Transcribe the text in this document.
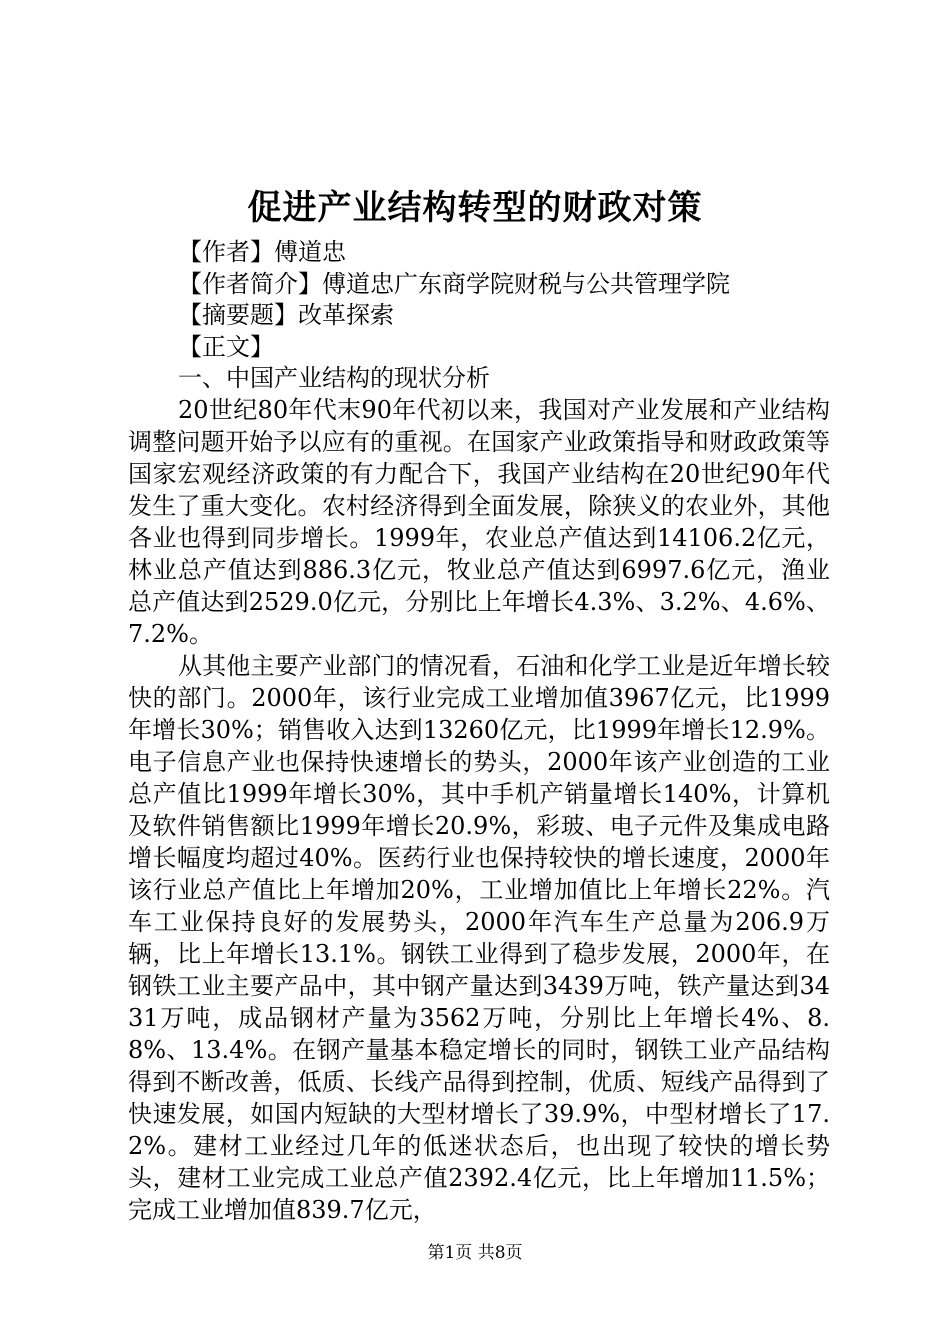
促进产业结构转型的财政对策
【作者】傅道忠
【作者简介】傅道忠广东商学院财税与公共管理学院
【摘要题】改革探索
【正文】
一、中国产业结构的现状分析

20世纪80年代末90年代初以来，我国对产业发展和产业结构调整问题开始予以应有的重视。在国家产业政策指导和财政政策等国家宏观经济政策的有力配合下，我国产业结构在20世纪90年代发生了重大变化。农村经济得到全面发展，除狭义的农业外，其他各业也得到同步增长。1999年，农业总产值达到14106.2亿元，林业总产值达到886.3亿元，牧业总产值达到6997.6亿元，渔业总产值达到2529.0亿元，分别比上年增长4.3%、3.2%、4.6%、7.2%。

从其他主要产业部门的情况看，石油和化学工业是近年增长较快的部门。2000年，该行业完成工业增加值3967亿元，比1999年增长30%；销售收入达到13260亿元，比1999年增长12.9%。电子信息产业也保持快速增长的势头，2000年该产业创造的工业总产值比1999年增长30%，其中手机产销量增长140%，计算机及软件销售额比1999年增长20.9%，彩玻、电子元件及集成电路增长幅度均超过40%。医药行业也保持较快的增长速度，2000年该行业总产值比上年增加20%，工业增加值比上年增长22%。汽车工业保持良好的发展势头，2000年汽车生产总量为206.9万辆，比上年增长13.1%。钢铁工业得到了稳步发展，2000年，在钢铁工业主要产品中，其中钢产量达到3439万吨，铁产量达到3431万吨，成品钢材产量为3562万吨，分别比上年增长4%、8.8%、13.4%。在钢产量基本稳定增长的同时，钢铁工业产品结构得到不断改善，低质、长线产品得到控制，优质、短线产品得到了快速发展，如国内短缺的大型材增长了39.9%，中型材增长了17.2%。建材工业经过几年的低迷状态后，也出现了较快的增长势头，建材工业完成工业总产值2392.4亿元，比上年增加11.5%；完成工业增加值839.7亿元，

第1页 共8页
